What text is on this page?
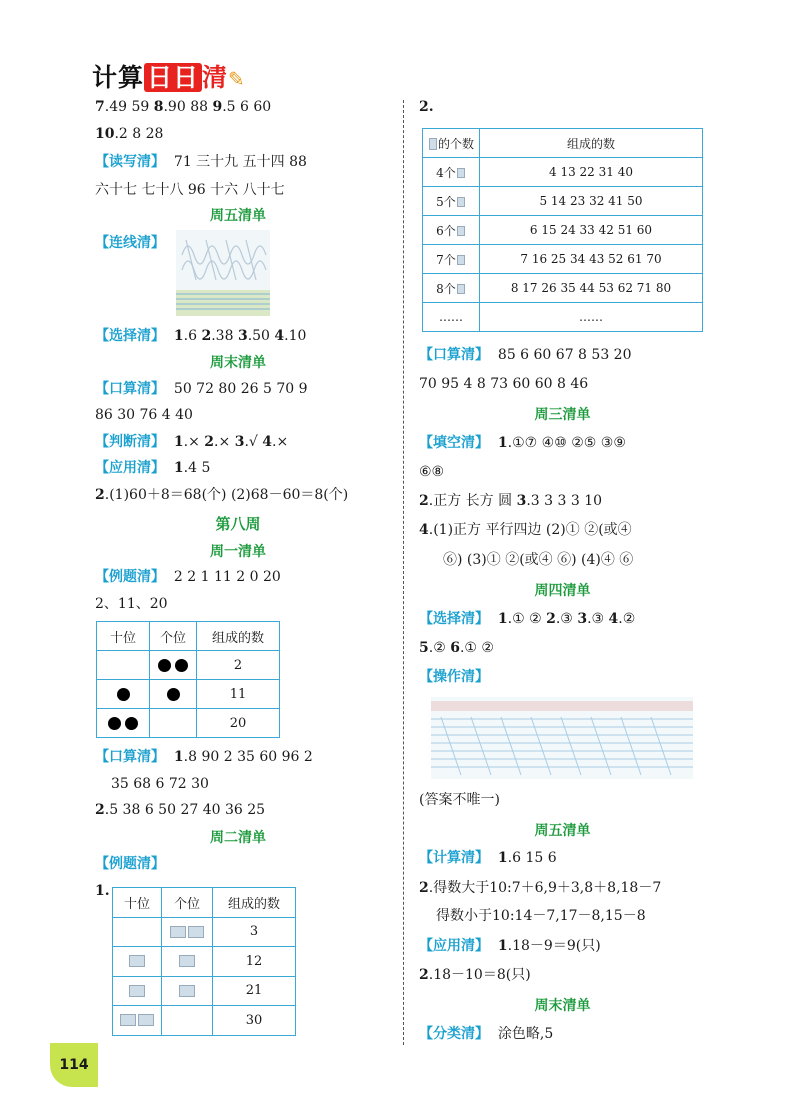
计算 日日 清✎
7.49 59 8.90 88 9.5 6 60
10.2 8 28
【读写清】 71 三十九 五十四 88
六十七 七十八 96 十六 八十七
周五清单
【连线清】
【选择清】 1.6 2.38 3.50 4.10
周末清单
【口算清】 50 72 80 26 5 70 9
86 30 76 4 40
【判断清】 1.× 2.× 3.√ 4.×
【应用清】 1.4 5
2.(1)60＋8＝68(个) (2)68－60＝8(个)
第八周
周一清单
【例题清】 2 2 1 11 2 0 20
2、11、20
十位	个位	组成的数
		2
		11
		20
【口算清】 1.8 90 2 35 60 96 2
35 68 6 72 30
2.5 38 6 50 27 40 36 25
周二清单
【例题清】
1.
十位	个位	组成的数
		3
		12
		21
		30
2.
的个数	组成的数
4个	4 13 22 31 40
5个	5 14 23 32 41 50
6个	6 15 24 33 42 51 60
7个	7 16 25 34 43 52 61 70
8个	8 17 26 35 44 53 62 71 80
……	……
【口算清】 85 6 60 67 8 53 20
70 95 4 8 73 60 60 8 46
周三清单
【填空清】 1.①⑦ ④⑩ ②⑤ ③⑨
⑥⑧
2.正方 长方 圆 3.3 3 3 3 10
4.(1)正方 平行四边 (2)① ②(或④
⑥) (3)① ②(或④ ⑥) (4)④ ⑥
周四清单
【选择清】 1.① ② 2.③ 3.③ 4.②
5.② 6.① ②
【操作清】
(答案不唯一)
周五清单
【计算清】 1.6 15 6
2.得数大于10:7＋6,9＋3,8＋8,18－7
得数小于10:14－7,17－8,15－8
【应用清】 1.18－9＝9(只)
2.18－10＝8(只)
周末清单
【分类清】 涂色略,5
114
